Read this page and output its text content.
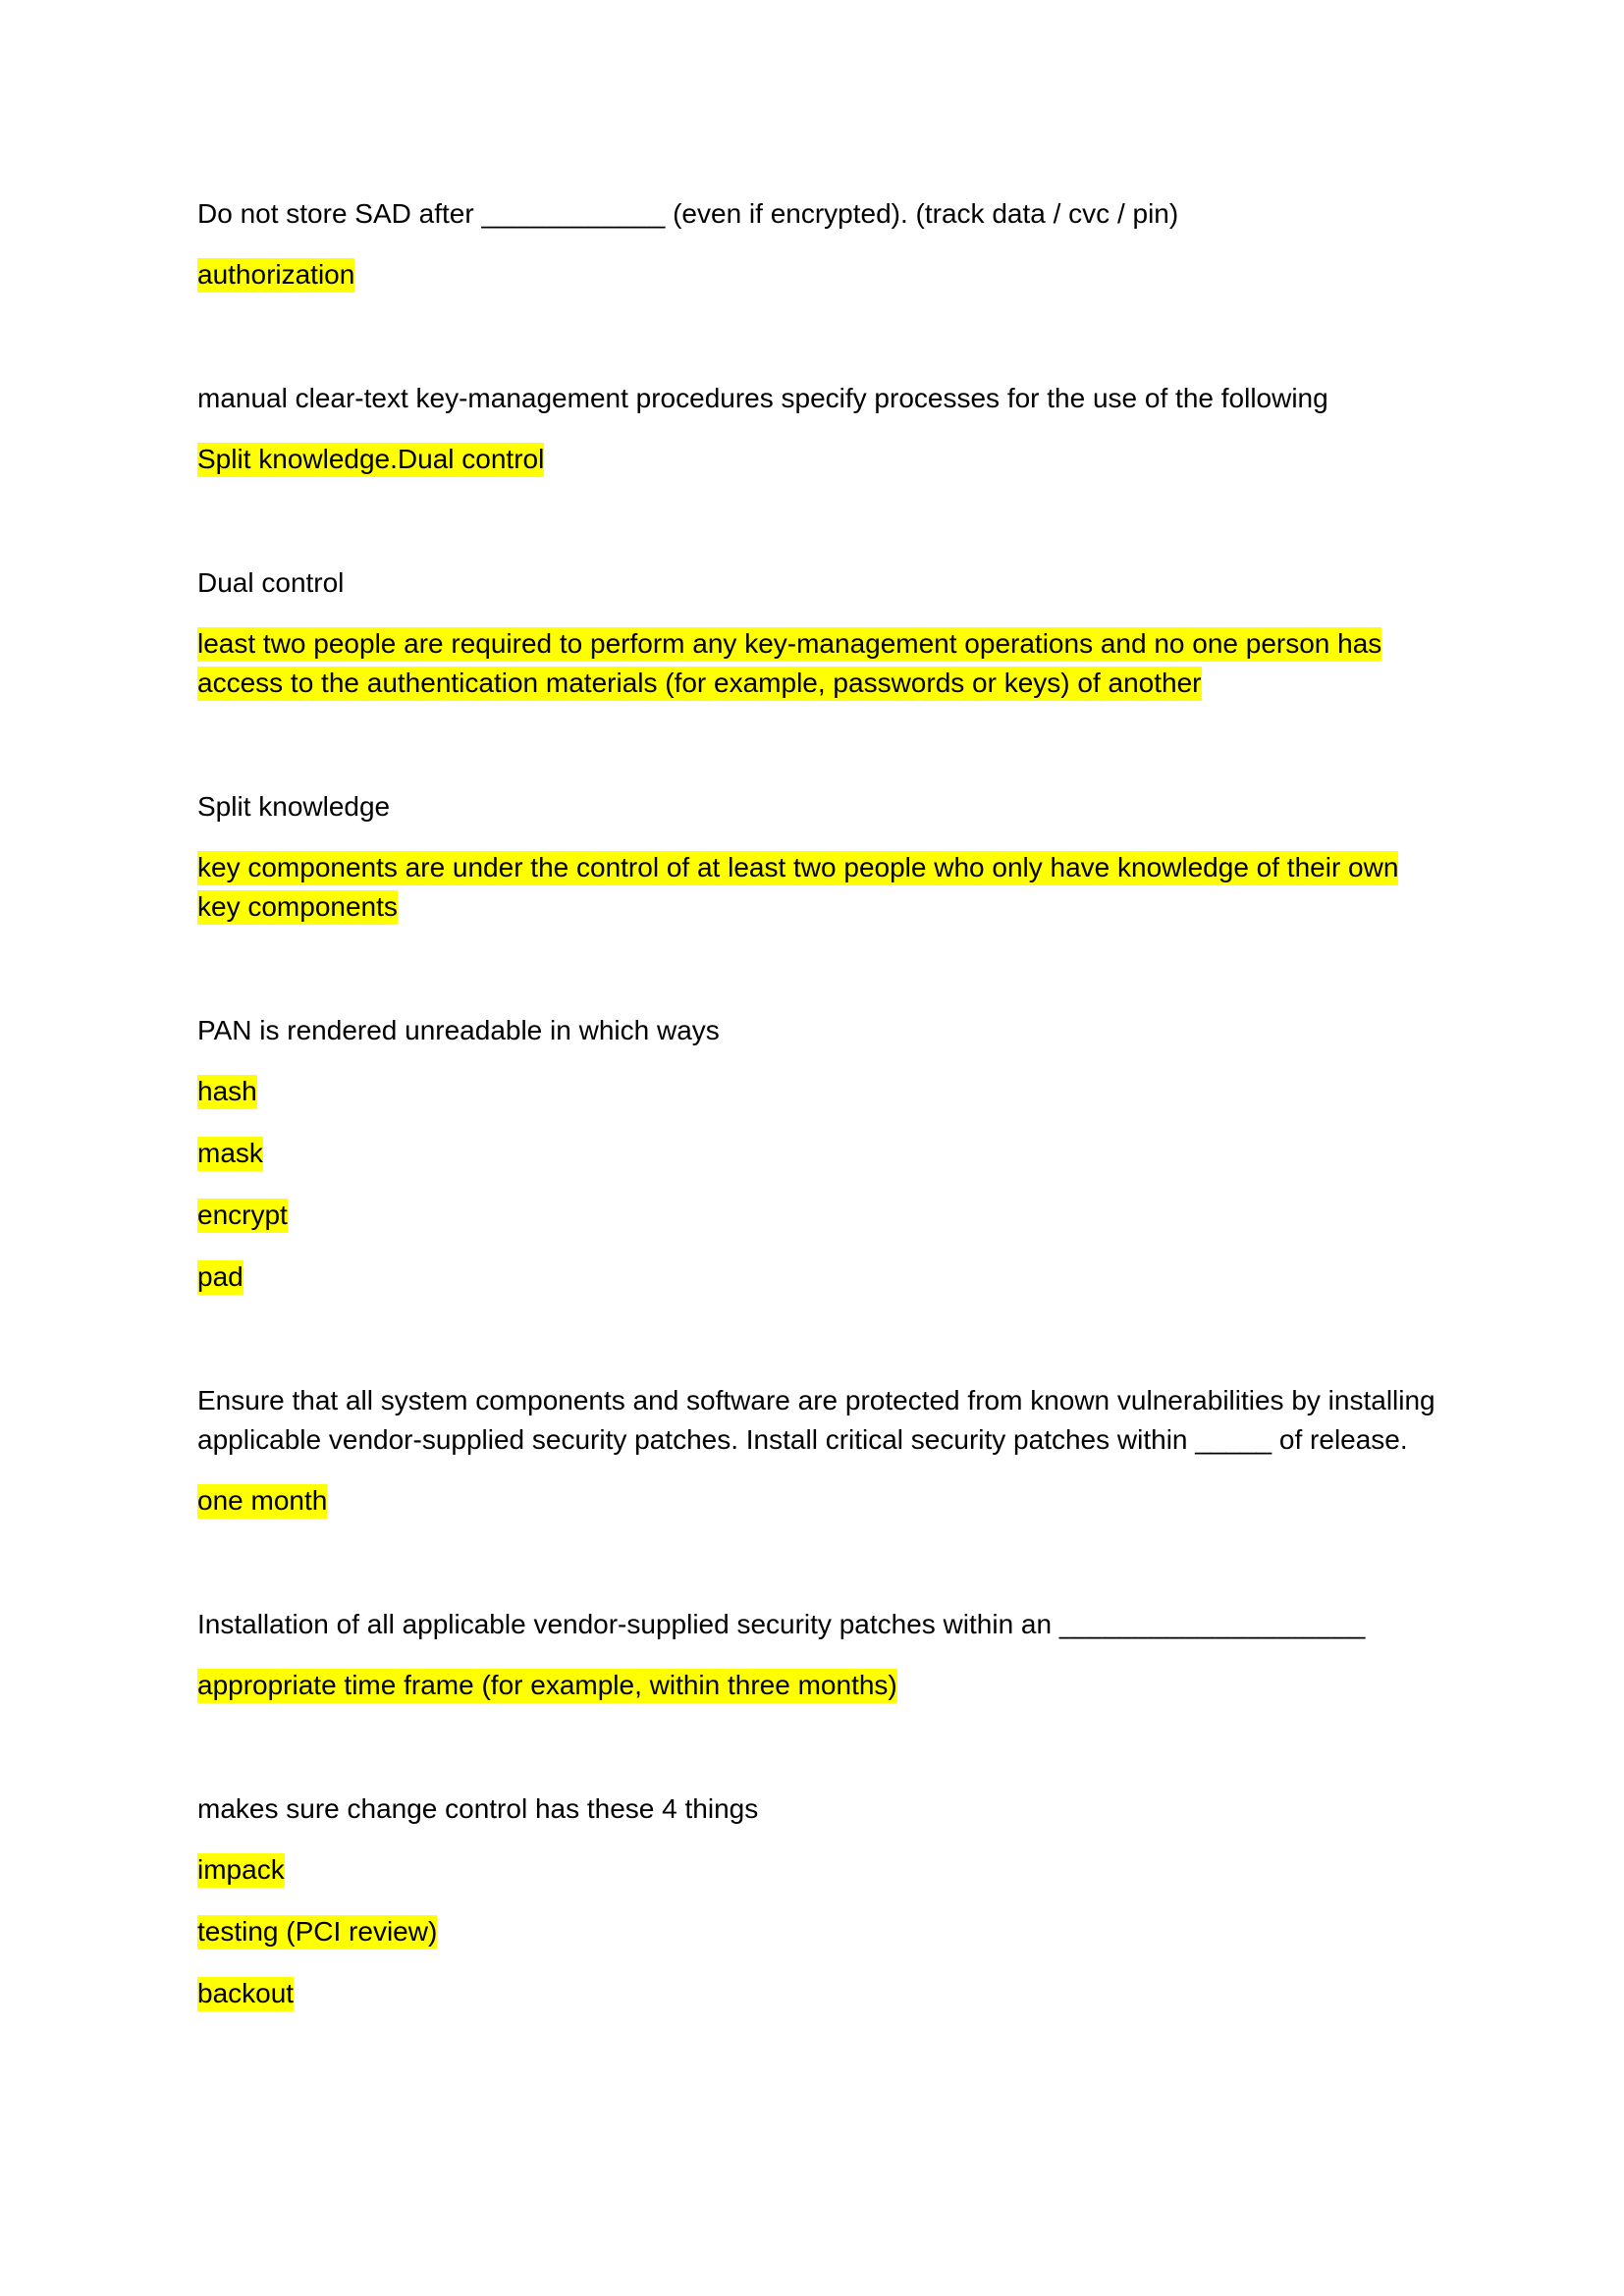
Do not store SAD after ____________ (even if encrypted). (track data / cvc / pin)

authorization

manual clear-text key-management procedures specify processes for the use of the following

Split knowledge.Dual control

Dual control

least two people are required to perform any key-management operations and no one person has access to the authentication materials (for example, passwords or keys) of another

Split knowledge

key components are under the control of at least two people who only have knowledge of their own key components

PAN is rendered unreadable in which ways

hash

mask

encrypt

pad

Ensure that all system components and software are protected from known vulnerabilities by installing applicable vendor-supplied security patches. Install critical security patches within _____ of release.

one month

Installation of all applicable vendor-supplied security patches within an ____________________

appropriate time frame (for example, within three months)

makes sure change control has these 4 things

impack

testing (PCI review)

backout
